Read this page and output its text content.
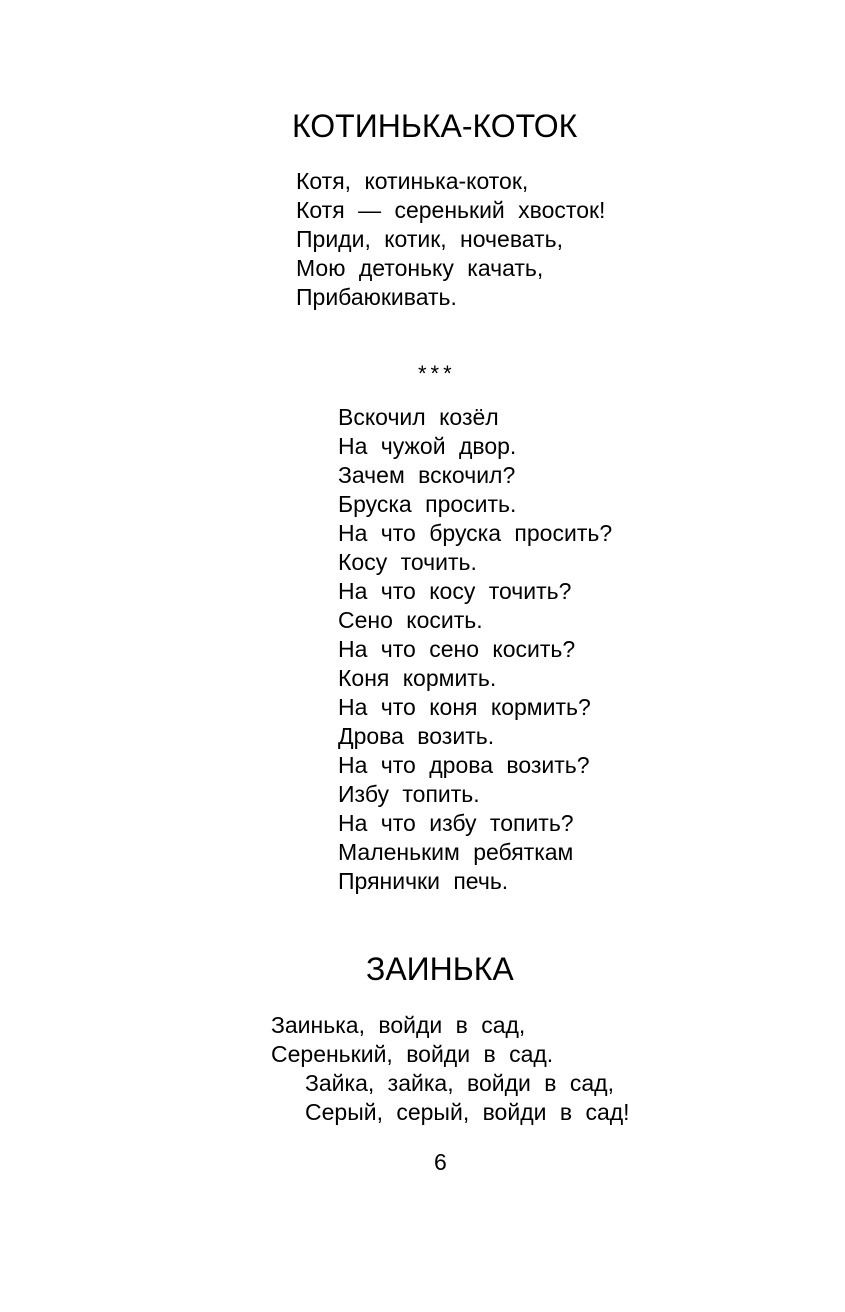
КОТИНЬКА-КОТОК
Котя, котинька-коток,
Котя — серенький хвосток!
Приди, котик, ночевать,
Мою детоньку качать,
Прибаюкивать.
***
Вскочил козёл
На чужой двор.
Зачем вскочил?
Бруска просить.
На что бруска просить?
Косу точить.
На что косу точить?
Сено косить.
На что сено косить?
Коня кормить.
На что коня кормить?
Дрова возить.
На что дрова возить?
Избу топить.
На что избу топить?
Маленьким ребяткам
Прянички печь.
ЗАИНЬКА
Заинька, войди в сад,
Серенький, войди в сад.
Зайка, зайка, войди в сад,
Серый, серый, войди в сад!
6
